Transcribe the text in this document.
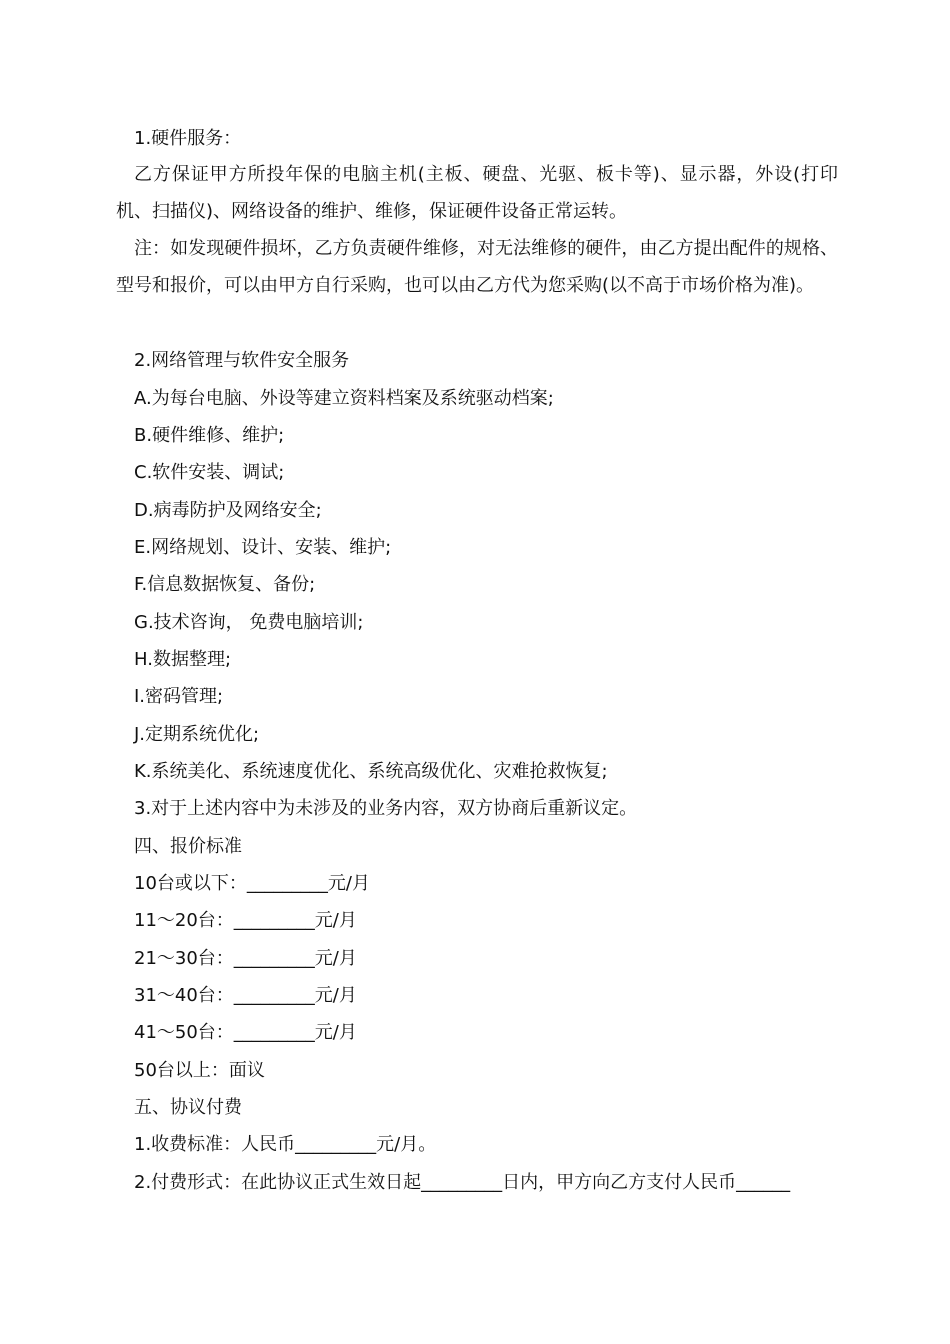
1.硬件服务：
乙方保证甲方所投年保的电脑主机(主板、硬盘、光驱、板卡等)、显示器，外设(打印机、扫描仪)、网络设备的维护、维修，保证硬件设备正常运转。
注：如发现硬件损坏，乙方负责硬件维修，对无法维修的硬件，由乙方提出配件的规格、型号和报价，可以由甲方自行采购，也可以由乙方代为您采购(以不高于市场价格为准)。
2.网络管理与软件安全服务
A.为每台电脑、外设等建立资料档案及系统驱动档案;
B.硬件维修、维护;
C.软件安装、调试;
D.病毒防护及网络安全;
E.网络规划、设计、安装、维护;
F.信息数据恢复、备份;
G.技术咨询， 免费电脑培训;
H.数据整理;
I.密码管理;
J.定期系统优化;
K.系统美化、系统速度优化、系统高级优化、灾难抢救恢复;
3.对于上述内容中为未涉及的业务内容，双方协商后重新议定。
四、报价标准
10台或以下：_________元/月
11～20台：_________元/月
21～30台：_________元/月
31～40台：_________元/月
41～50台：_________元/月
50台以上：面议
五、协议付费
1.收费标准：人民币_________元/月。
2.付费形式：在此协议正式生效日起_________日内，甲方向乙方支付人民币______
